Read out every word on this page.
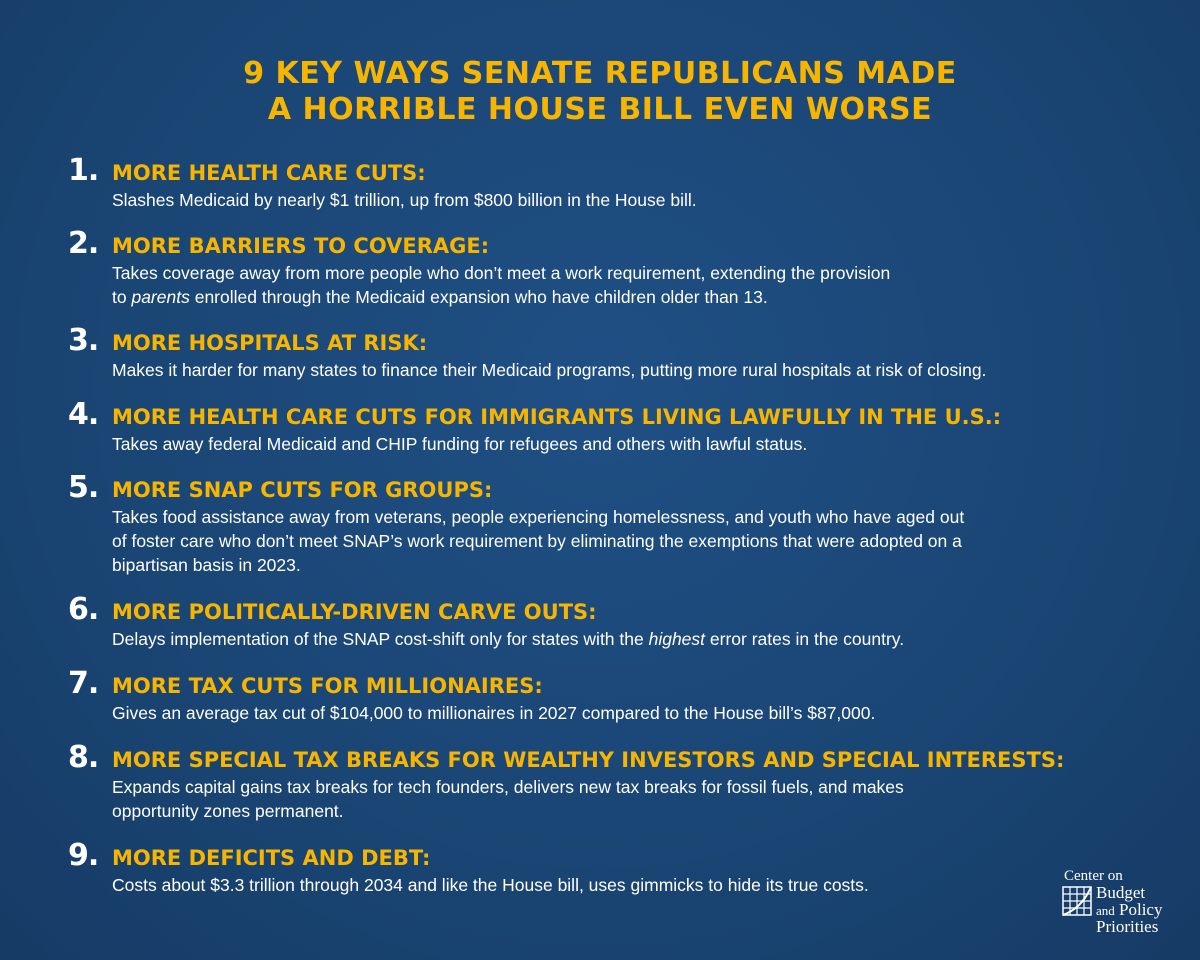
9 KEY WAYS SENATE REPUBLICANS MADE
A HORRIBLE HOUSE BILL EVEN WORSE
1. MORE HEALTH CARE CUTS:
Slashes Medicaid by nearly $1 trillion, up from $800 billion in the House bill.
2. MORE BARRIERS TO COVERAGE:
Takes coverage away from more people who don’t meet a work requirement, extending the provision
to parents enrolled through the Medicaid expansion who have children older than 13.
3. MORE HOSPITALS AT RISK:
Makes it harder for many states to finance their Medicaid programs, putting more rural hospitals at risk of closing.
4. MORE HEALTH CARE CUTS FOR IMMIGRANTS LIVING LAWFULLY IN THE U.S.:
Takes away federal Medicaid and CHIP funding for refugees and others with lawful status.
5. MORE SNAP CUTS FOR GROUPS:
Takes food assistance away from veterans, people experiencing homelessness, and youth who have aged out
of foster care who don’t meet SNAP’s work requirement by eliminating the exemptions that were adopted on a
bipartisan basis in 2023.
6. MORE POLITICALLY-DRIVEN CARVE OUTS:
Delays implementation of the SNAP cost-shift only for states with the highest error rates in the country.
7. MORE TAX CUTS FOR MILLIONAIRES:
Gives an average tax cut of $104,000 to millionaires in 2027 compared to the House bill’s $87,000.
8. MORE SPECIAL TAX BREAKS FOR WEALTHY INVESTORS AND SPECIAL INTERESTS:
Expands capital gains tax breaks for tech founders, delivers new tax breaks for fossil fuels, and makes
opportunity zones permanent.
9. MORE DEFICITS AND DEBT:
Costs about $3.3 trillion through 2034 and like the House bill, uses gimmicks to hide its true costs.	Center on
Budget
and Policy
Priorities
